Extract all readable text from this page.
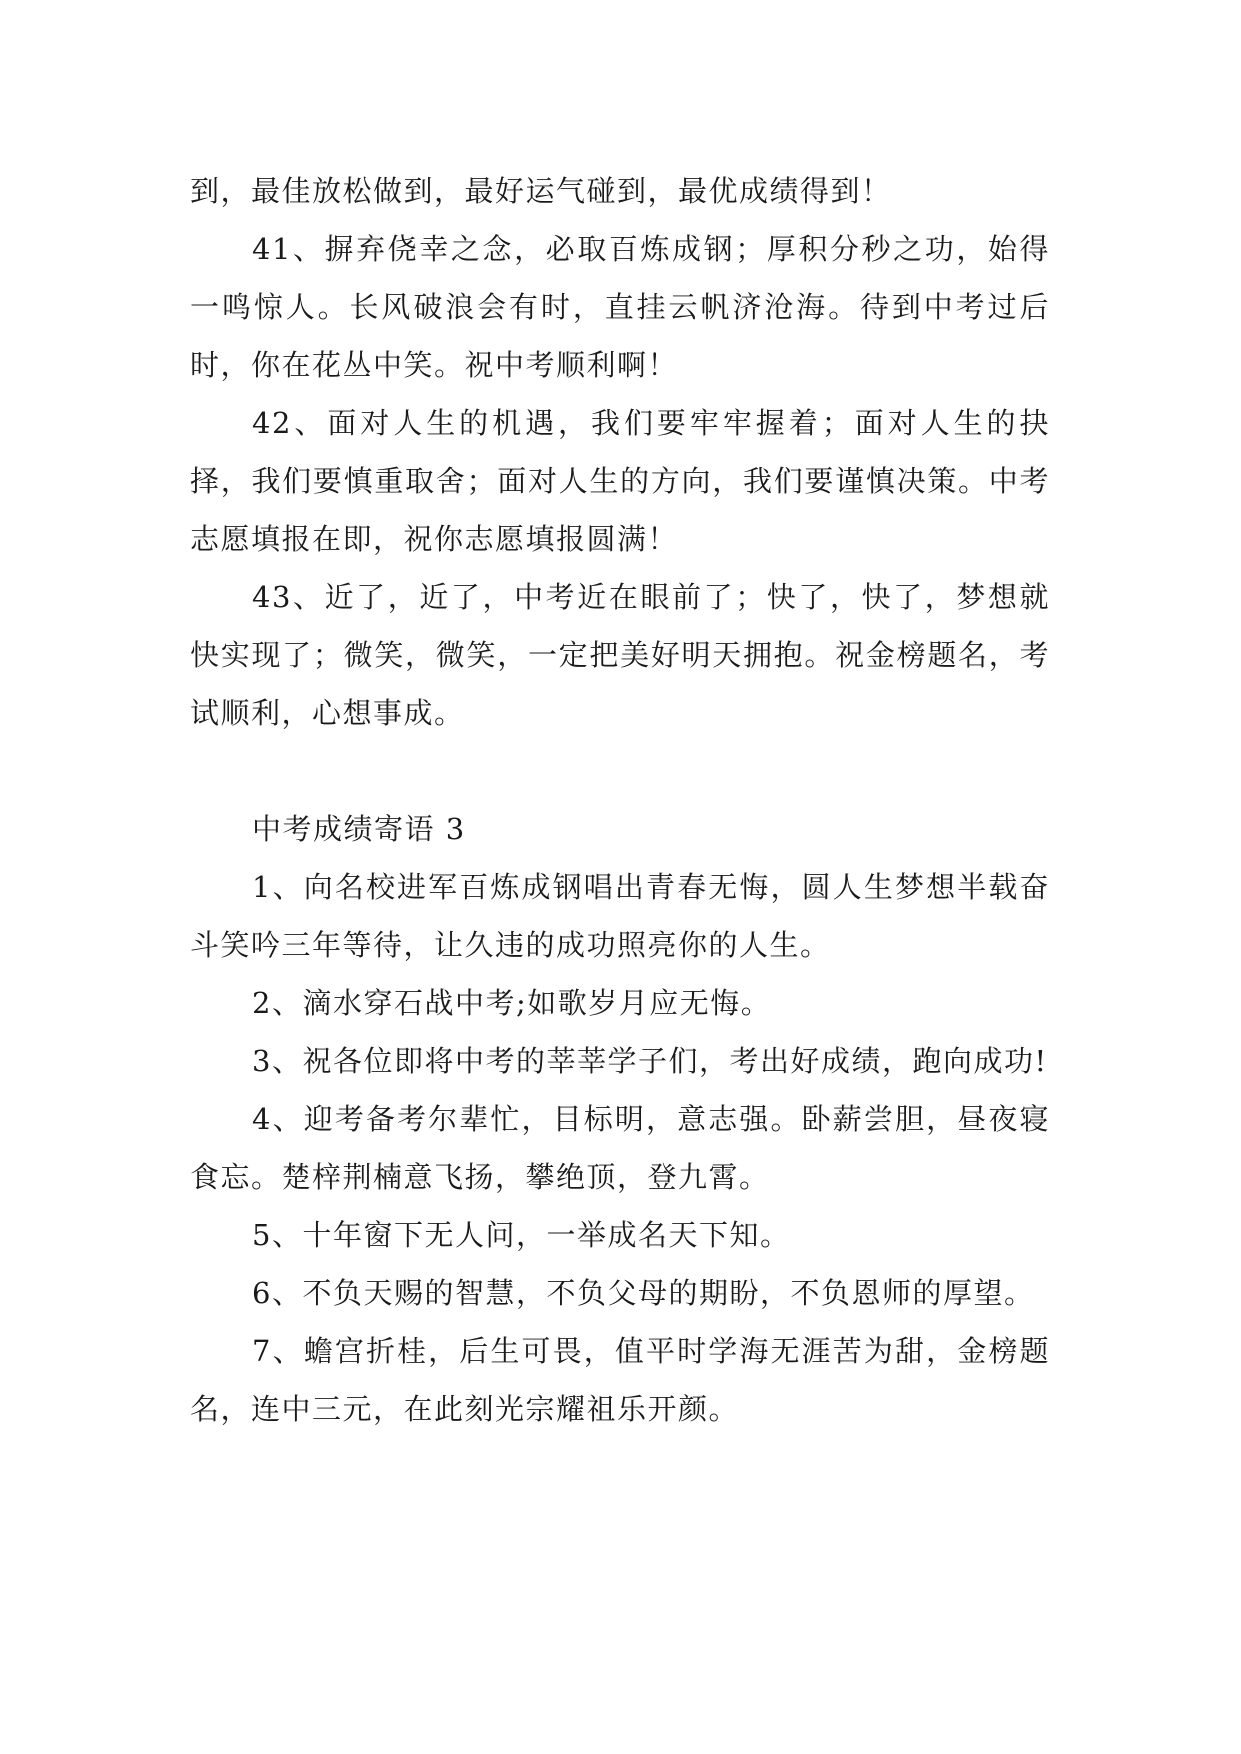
到，最佳放松做到，最好运气碰到，最优成绩得到！

41、摒弃侥幸之念，必取百炼成钢；厚积分秒之功，始得一鸣惊人。长风破浪会有时，直挂云帆济沧海。待到中考过后时，你在花丛中笑。祝中考顺利啊！

42、面对人生的机遇，我们要牢牢握着；面对人生的抉择，我们要慎重取舍；面对人生的方向，我们要谨慎决策。中考志愿填报在即，祝你志愿填报圆满！

43、近了，近了，中考近在眼前了；快了，快了，梦想就快实现了；微笑，微笑，一定把美好明天拥抱。祝金榜题名，考试顺利，心想事成。

中考成绩寄语 3

1、向名校进军百炼成钢唱出青春无悔，圆人生梦想半载奋斗笑吟三年等待，让久违的成功照亮你的人生。

2、滴水穿石战中考;如歌岁月应无悔。

3、祝各位即将中考的莘莘学子们，考出好成绩，跑向成功!

4、迎考备考尔辈忙，目标明，意志强。卧薪尝胆，昼夜寝食忘。楚梓荆楠意飞扬，攀绝顶，登九霄。

5、十年窗下无人问，一举成名天下知。

6、不负天赐的智慧，不负父母的期盼，不负恩师的厚望。

7、蟾宫折桂，后生可畏，值平时学海无涯苦为甜，金榜题名，连中三元，在此刻光宗耀祖乐开颜。
